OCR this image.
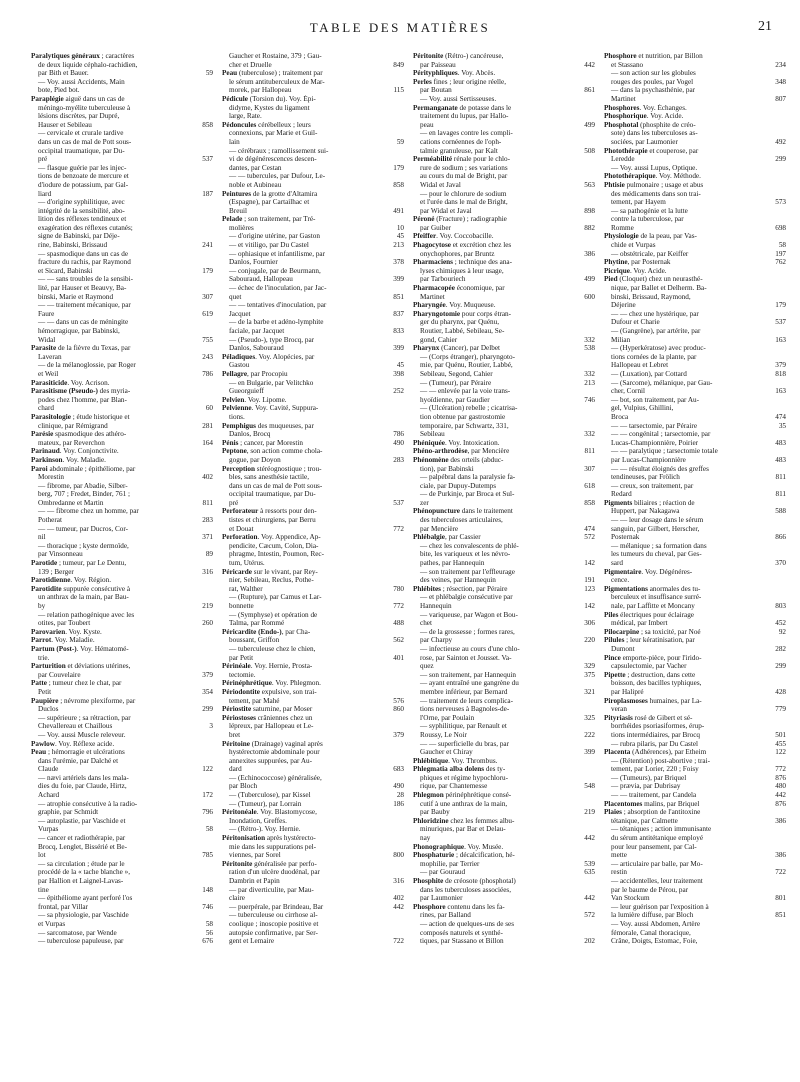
TABLE DES MATIÈRES	21
Paralytiques généraux ; caractères
de deux liquide céphalo-rachidien,
par Bith et Bauer.	59
— Voy. aussi Accidents, Main
bote, Pied bot.
Paraplégie aiguë dans un cas de
méningo-myélite tuberculeuse à
lésions discrètes, par Dupré,
Hauser et Sebileau	858
— cervicale et crurale tardive
dans un cas de mal de Pott sous-
occipital traumatique, par Du-
pré	537
— flasque guérie par les injec-
tions de benzoate de mercure et
d'iodure de potassium, par Gal-
liard	187
— d'origine syphilitique, avec
intégrité de la sensibilité, abo-
lition des réflexes tendineux et
exagération des réflexes cutanés;
signe de Babinski, par Déje-
rine, Babinski, Brissaud	241
— spasmodique dans un cas de
fracture du rachis, par Raymond
et Sicard, Babinski	179
— — sans troubles de la sensibi-
lité, par Hauser et Beauvy, Ba-
binski, Marie et Raymond	307
— — traitement mécanique, par
Faure	619
— — dans un cas de méningite
hémorragique, par Babinski,
Widal	755
Parasite de la fièvre du Texas, par
Laveran	243
— de la mélanoglossie, par Roger
et Weil	786
Parasiticide. Voy. Acrison.
Parasitisme (Pseudo-) des myria-
podes chez l'homme, par Blan-
chard	60
Parasitologie ; étude historique et
clinique, par Rémigrand	281
Parésie spasmodique des athéro-
mateux, par Reverchon	164
Parinaud. Voy. Conjonctivite.
Parkinson. Voy. Maladie.
Paroi abdominale ; épithéliome, par
Morestin	402
— fibrome, par Abadie, Silber-
berg, 707 ; Fredet, Binder, 761 ;
Ombredanne et Martin	811
— — fibrome chez un homme, par
Potherat	283
— — tumeur, par Ducros, Cor-
nil	371
— thoracique ; kyste dermoïde,
par Vinsonneau	89
Parotide ; tumeur, par Le Dentu,
139 ; Berger	316
Parotidienne. Voy. Région.
Parotidite suppurée consécutive à
un anthrax de la main, par Bau-
by	219
— relation pathogénique avec les
otites, par Toubert	260
Parovarien. Voy. Kyste.
Parrot. Voy. Maladie.
Partum (Post-). Voy. Hématomé-
trie.
Parturition et déviations utérines,
par Couvelaire	379
Patte ; tumeur chez le chat, par
Petit	354
Paupière ; névrome plexiforme, par
Duclos	299
— supérieure ; sa rétraction, par
Chevallereau et Chaillous	3
— Voy. aussi Muscle releveur.
Pawlow. Voy. Réflexe acide.
Peau ; hémorragie et ulcérations
dans l'urémie, par Dalché et
Claude	122
— nævi artériels dans les mala-
dies du foie, par Claude, Hirtz,
Achard	172
— atrophie consécutive à la radio-
graphie, par Schmidt	796
— autoplastie, par Vaschide et
Vurpas	58
— cancer et radiothérapie, par
Brocq, Lenglet, Bissérié et Be-
lot	785
— sa circulation ; étude par le
procédé de la « tache blanche »,
par Hallion et Laignel-Lavas-
tine	148
— épithéliome ayant perforé l'os
frontal, par Villar	746
— sa physiologie, par Vaschide
et Vurpas	58
— sarcomatose, par Wende	56
— tuberculose papuleuse, par	676
Gaucher et Rostaine, 379 ; Gau-
cher et Druelle	849
Peau (tuberculose) ; traitement par
le sérum antituberculeux de Mar-
morek, par Hallopeau	115
Pédicule (Torsion du). Voy. Épi-
didyme, Kystes du ligament
large, Rate.
Pédoncules cérébelleux ; leurs
connexions, par Marie et Guil-
lain	59
— cérébraux ; ramollissement sui-
vi de dégénérescences descen-
dantes, par Cestan	179
— — tubercules, par Dufour, Le-
noble et Aubineau	858
Peintures de la grotte d'Altamira
(Espagne), par Cartailhac et
Breuil	491
Pelade ; son traitement, par Tré-
molières	10
— d'origine utérine, par Gaston	45
— et vitiligo, par Du Castel	213
— ophiasique et infantilisme, par
Danlos, Fournier	378
— conjugale, par de Beurmann,
Sabouraud, Hallopeau	399
— échec de l'inoculation, par Jac-
quet	851
— — tentatives d'inoculation, par
Jacquet	837
— de la barbe et adéno-lymphite
faciale, par Jacquet	833
— (Pseudo-), type Brocq, par
Danlos, Sabouraud	399
Péladiques. Voy. Alopécies, par
Gastou	45
Pellagre, par Procopiu	398
— en Bulgarie, par Velitchko
Gueorguieff	252
Pelvien. Voy. Lipome.
Pelvienne. Voy. Cavité, Suppura-
tions.
Pemphigus des muqueuses, par
Danlos, Brocq	786
Pénis ; cancer, par Morestin	490
Peptone, son action comme chola-
gogue, par Doyon	283
Perception stéréognostique ; trou-
bles, sans anesthésie tactile,
dans un cas de mal de Pott sous-
occipital traumatique, par Du-
pré	537
Perforateur à ressorts pour den-
tistes et chirurgiens, par Berru
et Douat	772
Perforation. Voy. Appendice, Ap-
pendicite, Cæcum, Colon, Dia-
phragme, Intestin, Poumon, Rec-
tum, Utérus.
Péricarde sur le vivant, par Rey-
nier, Sebileau, Reclus, Pothe-
rat, Walther	780
— (Rupture), par Camus et Lar-
bonnette	772
— (Symphyse) et opération de
Talma, par Rommé	488
Péricardite (Endo-), par Cha-
boussant, Griffon	562
— tuberculeuse chez le chien,
par Petit	401
Périnéale. Voy. Hernie, Prosta-
tectomie.
Périnéphrétique. Voy. Phlegmon.
Périodontite expulsive, son trai-
tement, par Mahé	576
Périostite saturnine, par Moser	860
Périostoses crâniennes chez un
lépreux, par Hallopeau et Le-
bret	379
Péritoine (Drainage) vaginal après
hystérectomie abdominale pour
annexites suppurées, par Au-
dard	683
— (Echinococcose) généralisée,
par Bloch	490
— (Tuberculose), par Kissel	28
— (Tumeur), par Lorrain	186
Péritonéale. Voy. Blastomycose,
Inondation, Greffes.
— (Rétro-). Voy. Hernie.
Péritonisation après hystérecto-
mie dans les suppurations pel-
viennes, par Sorel	800
Péritonite généralisée par perfo-
ration d'un ulcère duodénal, par
Dambrin et Papin	316
— par diverticulite, par Mau-
claire	402
— puerpérale, par Brindeau, Bar	442
— tuberculeuse ou cirrhose al-
coolique ; inoscopie positive et
autopsie confirmative, par Ser-
gent et Lemaire	722
Péritonite (Rétro-) cancéreuse,
par Paisseau	442
Pérityphliques. Voy. Abcès.
Perles fines ; leur origine réelle,
par Boutan	861
— Voy. aussi Sertisseuses.
Permanganate de potasse dans le
traitement du lupus, par Hallo-
peau	499
— en lavages contre les compli-
cations cornéennes de l'oph-
talmie granuleuse, par Kalt	508
Perméabilité rénale pour le chlo-
rure de sodium ; ses variations
au cours du mal de Bright, par
Widal et Javal	563
— pour le chlorure de sodium
et l'urée dans le mal de Bright,
par Widal et Javal	898
Péroné (Fracture) ; radiographie
par Guiber	882
Pfeiffer. Voy. Coccobacille.
Phagocytose et excrétion chez les
onychophores, par Bruntz	386
Pharmaciens ; technique des ana-
lyses chimiques à leur usage,
par Tarbouriech	499
Pharmacopée économique, par
Martinet	600
Pharyngée. Voy. Muqueuse.
Pharyngotomie pour corps étran-
ger du pharynx, par Quénu,
Routier, Labbé, Sebileau, Se-
gond, Cahier	332
Pharynx (Cancer), par Delbet	538
— (Corps étranger), pharyngoto-
mie, par Quénu, Routier, Labbé,
Sebileau, Segond, Cahier	332
— (Tumeur), par Péraire	213
— — enlevée par la voie trans-
hyoïdienne, par Gaudier	746
— (Ulcération) rebelle ; cicatrisa-
tion obtenue par gastrostomie
temporaire, par Schwartz, 331,
Sebileau	332
Phéniquée. Voy. Intoxication.
Phéno-arthrodèse, par Mencière	811
Phénomène des orteils (abduc-
tion), par Babinski	307
— palpébral dans la paralysie fa-
ciale, par Dupuy-Dutemps	618
— de Purkinje, par Broca et Sul-
zer	858
Phénopuncture dans le traitement
des tuberculoses articulaires,
par Mencière	474
Phlébalgie, par Cassier	572
— chez les convalescents de phlé-
bite, les variqueux et les névro-
pathes, par Hannequin	142
— son traitement par l'effleurage
des veines, par Hannequin	191
Phlébites ; résection, par Péraire	123
— et phlébalgie consécutive par
Hannequin	142
— variqueuse, par Wagon et Bou-
chet	306
— de la grossesse ; formes rares,
par Charpy	220
— infectieuse au cours d'une chlo-
rose, par Sainton et Jousset. Va-
quez	329
— son traitement, par Hannequin	375
— ayant entraîné une gangrène du
membre inférieur, par Bernard	321
— traitement de leurs complica-
tions nerveuses à Bagnoles-de-
l'Orne, par Poulain	325
— syphilitique, par Renault et
Roussy, Le Noir	222
— — superficielle du bras, par
Gaucher et Chiray	399
Phlébitique. Voy. Thrombus.
Phlegmatia alba dolens des ty-
phiques et régime hypochloru-
rique, par Chantemesse	548
Phlegmon périnéphrétique consé-
cutif à une anthrax de la main,
par Bauby	219
Phloridzine chez les femmes albu-
minuriques, par Bar et Delau-
nay	442
Phonographique. Voy. Musée.
Phosphaturie ; décalcification, hé-
mophilie, par Terrier	539
— par Gouraud	635
Phosphite de créosote (phosphotal)
dans les tuberculoses associées,
par Laumonier	442
Phosphore contenu dans les fa-
rines, par Balland	572
— action de quelques-uns de ses
composés naturels et synthé-
tiques, par Stassano et Billon	202
Phosphore et nutrition, par Billon
et Stassano	234
— son action sur les globules
rouges des poules, par Vogel	348
— dans la psychasthénie, par
Martinet	807
Phosphores. Voy. Échanges.
Phosphorique. Voy. Acide.
Phosphotal (phosphite de créo-
sote) dans les tuberculoses as-
sociées, par Laumonier	492
Photothérapie et couperose, par
Leredde	299
— Voy. aussi Lupus, Optique.
Photothérapique. Voy. Méthode.
Phtisie pulmonaire ; usage et abus
des médicaments dans son trai-
tement, par Hayem	573
— sa pathogénie et la lutte
contre la tuberculose, par
Romme	698
Physiologie de la peau, par Vas-
chide et Vurpas	58
— obstétricale, par Keiffer	197
Phytine, par Posternak	762
Picrique. Voy. Acide.
Pied (Cloquet) chez un neurasthé-
nique, par Ballet et Delherm. Ba-
binski, Brissaud, Raymond,
Déjerine	179
— — chez une hystérique, par
Dufour et Charie	537
— (Gangrène), par artérite, par
Milian	163
— (Hyperkératose) avec produc-
tions cornées de la plante, par
Hallopeau et Lebret	379
— (Luxation), par Cottard	818
— (Sarcome), mélanique, par Gau-
cher, Cornil	163
— bot, son traitement, par Au-
gel, Vulpius, Ghillini,
Broca	474
— — tarsectomie, par Péraire	35
— — congénital ; tarsectomie, par
Lucas-Championnière, Poirier	483
— — paralytique ; tarsectomie totale
par Lucas-Championnière	483
— — résultat éloignés des greffes
tendineuses, par Frölich	811
— creux, son traitement, par
Redard	811
Pigments biliaires ; réaction de
Huppert, par Nakagawa	588
— — leur dosage dans le sérum
sanguin, par Gilbert, Herscher,
Posternak	866
— mélanique ; sa formation dans
les tumeurs du cheval, par Ges-
sard	370
Pigmentaire. Voy. Dégénéres-
cence.
Pigmentations anormales des tu-
berculeux et insuffisance surré-
nale, par Laffitte et Moncany	803
Piles électriques pour éclairage
médical, par Imbert	452
Pilocarpine ; sa toxicité, par Noé	92
Pilules ; leur kératinisation, par
Dumont	282
Pince emporte-pièce, pour l'irido-
capsulectomie, par Vacher	299
Pipette ; destruction, dans cette
boisson, des bacilles typhiques,
par Halipré	428
Piroplasmoses humaines, par La-
veran	779
Pityriasis rosé de Gibert et sé-
borrhéides psoriasiformes, érup-
tions intermédiaires, par Brocq	501
— rubra pilaris, par Du Castel	455
Placenta (Adhérences), par Etheim	122
— (Rétention) post-abortive ; trai-
tement, par Lorier, 220 ; Foisy	772
— (Tumeurs), par Briquel	876
— prævia, par Dubrisay	480
— — traitement, par Candela	442
Placentomes malins, par Briquel	876
Plaies ; absorption de l'antitoxine
tétanique, par Calmette	386
— tétaniques ; action immunisante
du sérum antitétanique employé
pour leur pansement, par Cal-
mette	386
— articulaire par balle, par Mo-
restin	722
— accidentelles, leur traitement
par le baume de Pérou, par
Van Stockum	801
— leur guérison par l'exposition à
la lumière diffuse, par Bloch	851
— Voy. aussi Abdomen, Artère
fémorale, Canal thoracique,
Crâne, Doigts, Estomac, Foie,
